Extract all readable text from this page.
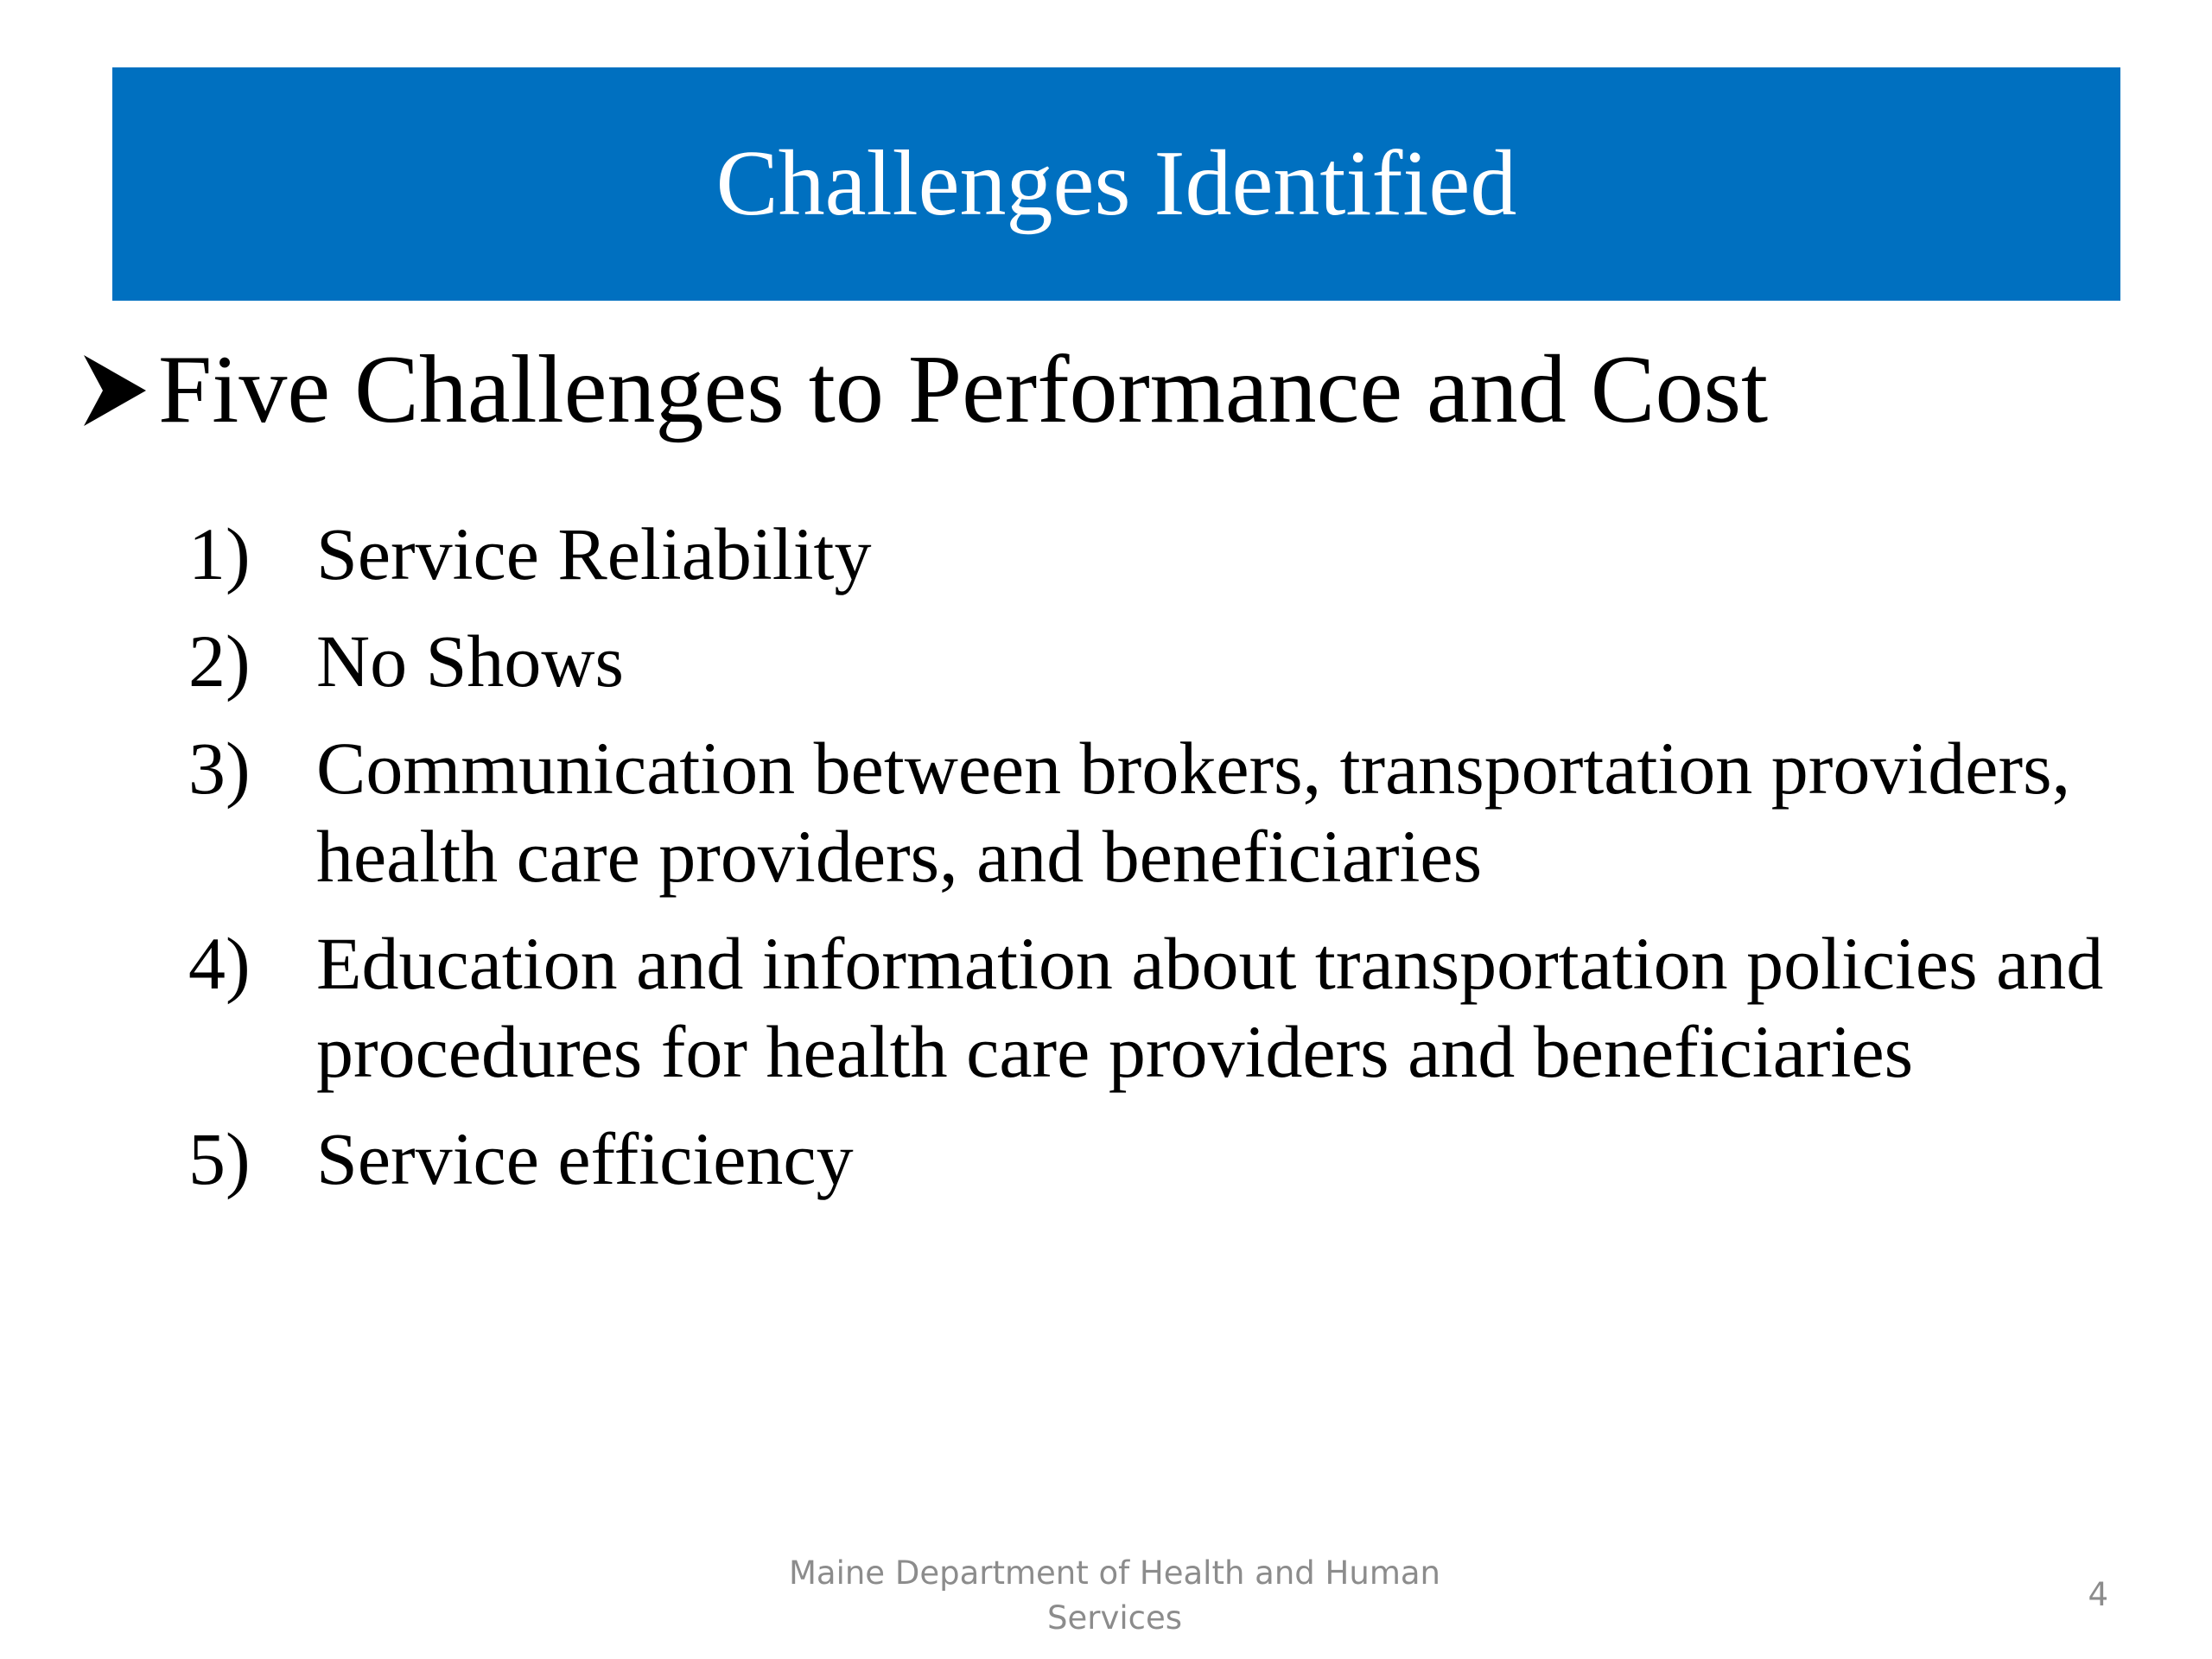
Challenges Identified
Five Challenges to Performance and Cost
1) Service Reliability
2) No Shows
3) Communication between brokers, transportation providers, health care providers, and beneficiaries
4) Education and information about transportation policies and procedures for health care providers and beneficiaries
5) Service efficiency
Maine Department of Health and Human Services
4
